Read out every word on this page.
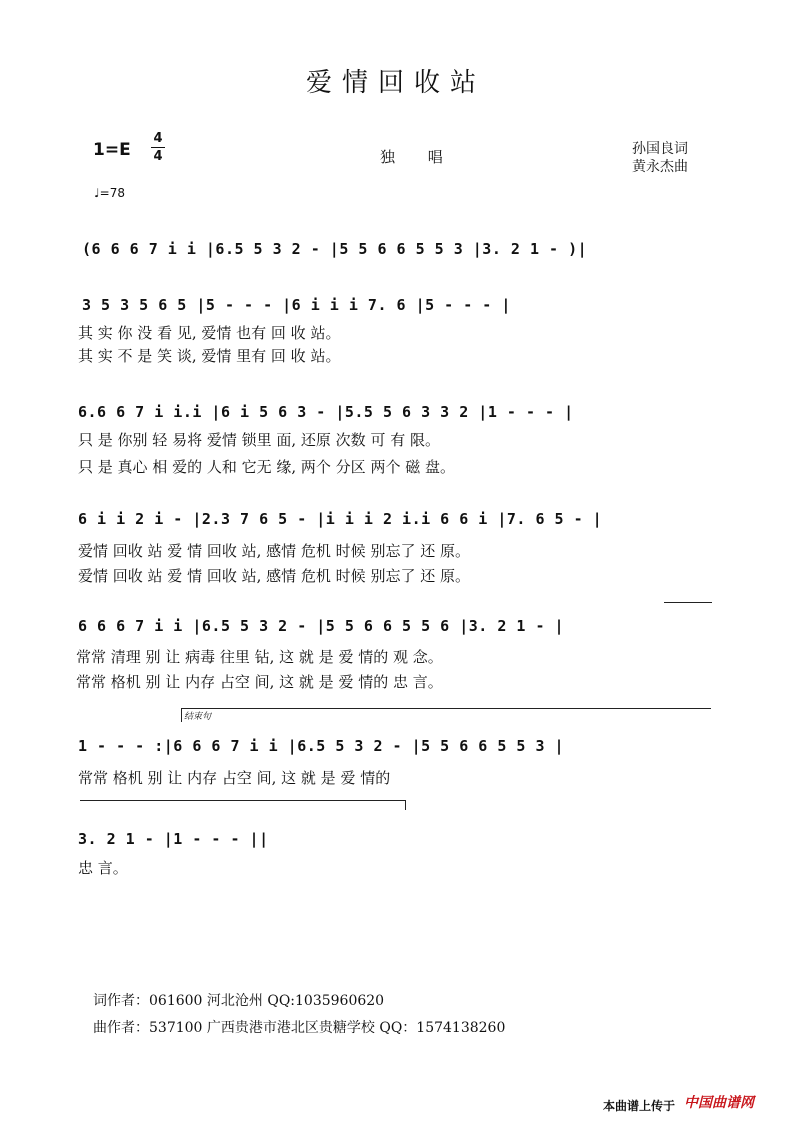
爱情回收站
1=E
4
4	独 唱	孙国良词
黄永杰曲
♩=78
(6 6 6 7 i i |6.5 5 3 2 - |5 5 6 6 5 5 3 |3. 2 1 - )|
3 5 3 5 6 5 |5 - - - |6 i i i 7. 6 |5 - - - |
其 实 你 没 看 见, 爱情 也有 回 收 站。
其 实 不 是 笑 谈, 爱情 里有 回 收 站。
6.6 6 7 i i.i |6 i 5 6 3 - |5.5 5 6 3 3 2 |1 - - - |
只 是 你别 轻 易将 爱情 锁里 面, 还原 次数 可 有 限。
只 是 真心 相 爱的 人和 它无 缘, 两个 分区 两个 磁 盘。
6 i i 2 i - |2.3 7 6 5 - |i i i 2 i.i 6 6 i |7. 6 5 - |
爱情 回收 站 爱 情 回收 站, 感情 危机 时候 别忘了 还 原。
爱情 回收 站 爱 情 回收 站, 感情 危机 时候 别忘了 还 原。
6 6 6 7 i i |6.5 5 3 2 - |5 5 6 6 5 5 6 |3. 2 1 - |
常常 清理 别 让 病毒 往里 钻, 这 就 是 爱 情的 观 念。
常常 格机 别 让 内存 占空 间, 这 就 是 爱 情的 忠 言。
结束句
1 - - - :|6 6 6 7 i i |6.5 5 3 2 - |5 5 6 6 5 5 3 |
常常 格机 别 让 内存 占空 间, 这 就 是 爱 情的
3. 2 1 - |1 - - - ||
忠 言。
词作者：061600 河北沧州 QQ:1035960620
曲作者：537100 广西贵港市港北区贵糖学校 QQ：1574138260
本曲谱上传于 中国曲谱网
